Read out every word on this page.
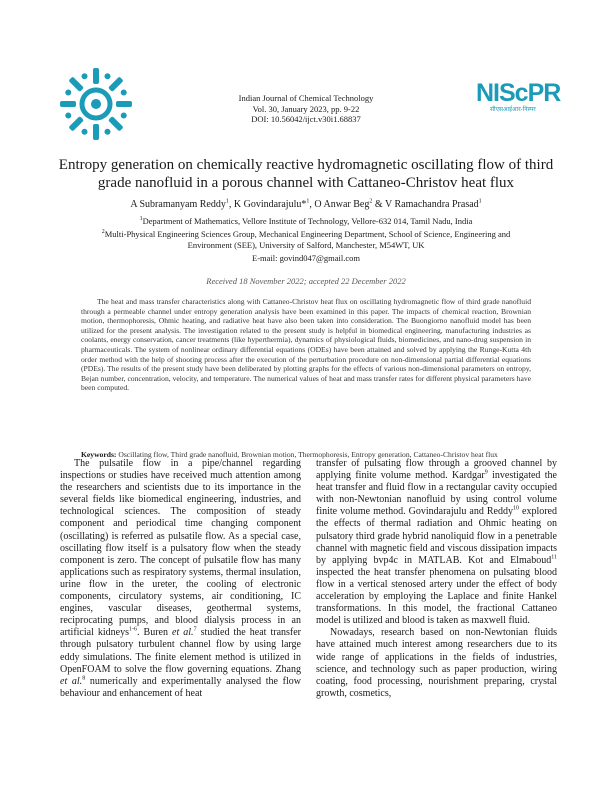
NIScPR
सीएसआईआर-निस्पर
Indian Journal of Chemical Technology
Vol. 30, January 2023, pp. 9-22
DOI: 10.56042/ijct.v30i1.68837
Entropy generation on chemically reactive hydromagnetic oscillating flow of third grade nanofluid in a porous channel with Cattaneo-Christov heat flux
A Subramanyam Reddy$^1$, K Govindarajulu*$^1$, O Anwar Beg$^2$ & V Ramachandra Prasad$^1$
$^1$Department of Mathematics, Vellore Institute of Technology, Vellore-632 014, Tamil Nadu, India
$^2$Multi-Physical Engineering Sciences Group, Mechanical Engineering Department, School of Science, Engineering and Environment (SEE), University of Salford, Manchester, M54WT, UK
E-mail: govind047@gmail.com
Received 18 November 2022; accepted 22 December 2022
The heat and mass transfer characteristics along with Cattaneo-Christov heat flux on oscillating hydromagnetic flow of third grade nanofluid through a permeable channel under entropy generation analysis have been examined in this paper. The impacts of chemical reaction, Brownian motion, thermophoresis, Ohmic heating, and radiative heat have also been taken into consideration. The Buongiorno nanofluid model has been utilized for the present analysis. The investigation related to the present study is helpful in biomedical engineering, manufacturing industries as coolants, energy conservation, cancer treatments (like hyperthermia), dynamics of physiological fluids, biomedicines, and nano-drug suspension in pharmaceuticals. The system of nonlinear ordinary differential equations (ODEs) have been attained and solved by applying the Runge-Kutta 4th order method with the help of shooting process after the execution of the perturbation procedure on non-dimensional partial differential equations (PDEs). The results of the present study have been deliberated by plotting graphs for the effects of various non-dimensional parameters on entropy, Bejan number, concentration, velocity, and temperature. The numerical values of heat and mass transfer rates for different physical parameters have been computed.
Keywords: Oscillating flow, Third grade nanofluid, Brownian motion, Thermophoresis, Entropy generation, Cattaneo-Christov heat flux

The pulsatile flow in a pipe/channel regarding inspections or studies have received much attention among the researchers and scientists due to its importance in the several fields like biomedical engineering, industries, and technological sciences. The composition of steady component and periodical time changing component (oscillating) is referred as pulsatile flow. As a special case, oscillating flow itself is a pulsatory flow when the steady component is zero. The concept of pulsatile flow has many applications such as respiratory systems, thermal insulation, urine flow in the ureter, the cooling of electronic components, circulatory systems, air conditioning, IC engines, vascular diseases, geothermal systems, reciprocating pumps, and blood dialysis process in an artificial kidneys$^{1-6}$. Buren et al.$^7$ studied the heat transfer through pulsatory turbulent channel flow by using large eddy simulations. The finite element method is utilized in OpenFOAM to solve the flow governing equations. Zhang et al.$^8$ numerically and experimentally analysed the flow behaviour and enhancement of heat

transfer of pulsating flow through a grooved channel by applying finite volume method. Kardgar$^9$ investigated the heat transfer and fluid flow in a rectangular cavity occupied with non-Newtonian nanofluid by using control volume finite volume method. Govindarajulu and Reddy$^{10}$ explored the effects of thermal radiation and Ohmic heating on pulsatory third grade hybrid nanoliquid flow in a penetrable channel with magnetic field and viscous dissipation impacts by applying bvp4c in MATLAB. Kot and Elmaboud$^{11}$ inspected the heat transfer phenomena on pulsating blood flow in a vertical stenosed artery under the effect of body acceleration by employing the Laplace and finite Hankel transformations. In this model, the fractional Cattaneo model is utilized and blood is taken as maxwell fluid.

Nowadays, research based on non-Newtonian fluids have attained much interest among researchers due to its wide range of applications in the fields of industries, science, and technology such as paper production, wiring coating, food processing, nourishment preparing, crystal growth, cosmetics,
